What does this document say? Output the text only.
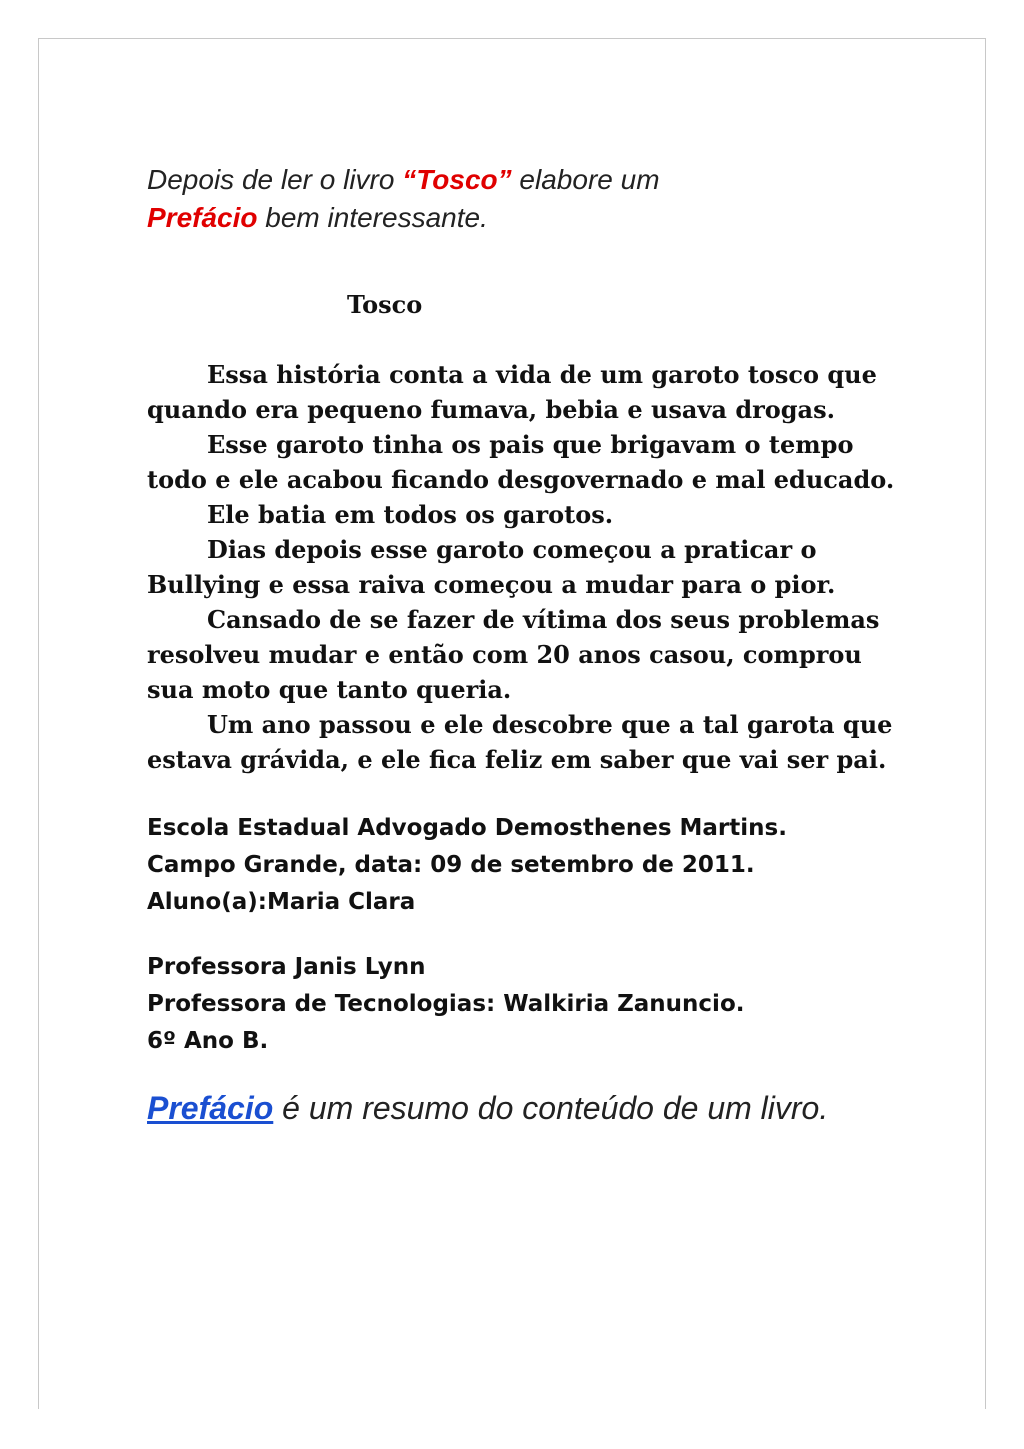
Depois de ler o livro “Tosco” elabore um
Prefácio bem interessante.

Tosco

Essa história conta a vida de um garoto tosco que quando era pequeno fumava, bebia e usava drogas.

Esse garoto tinha os pais que brigavam o tempo todo e ele acabou ficando desgovernado e mal educado.

Ele batia em todos os garotos.

Dias depois esse garoto começou a praticar o Bullying e essa raiva começou a mudar para o pior.

Cansado de se fazer de vítima dos seus problemas resolveu mudar e então com 20 anos casou, comprou sua moto que tanto queria.

Um ano passou e ele descobre que a tal garota que estava grávida, e ele fica feliz em saber que vai ser pai.

Escola Estadual Advogado Demosthenes Martins.

Campo Grande, data: 09 de setembro de 2011.

Aluno(a):Maria Clara

Professora Janis Lynn

Professora de Tecnologias: Walkiria Zanuncio.

6º Ano B.

Prefácio é um resumo do conteúdo de um livro.
